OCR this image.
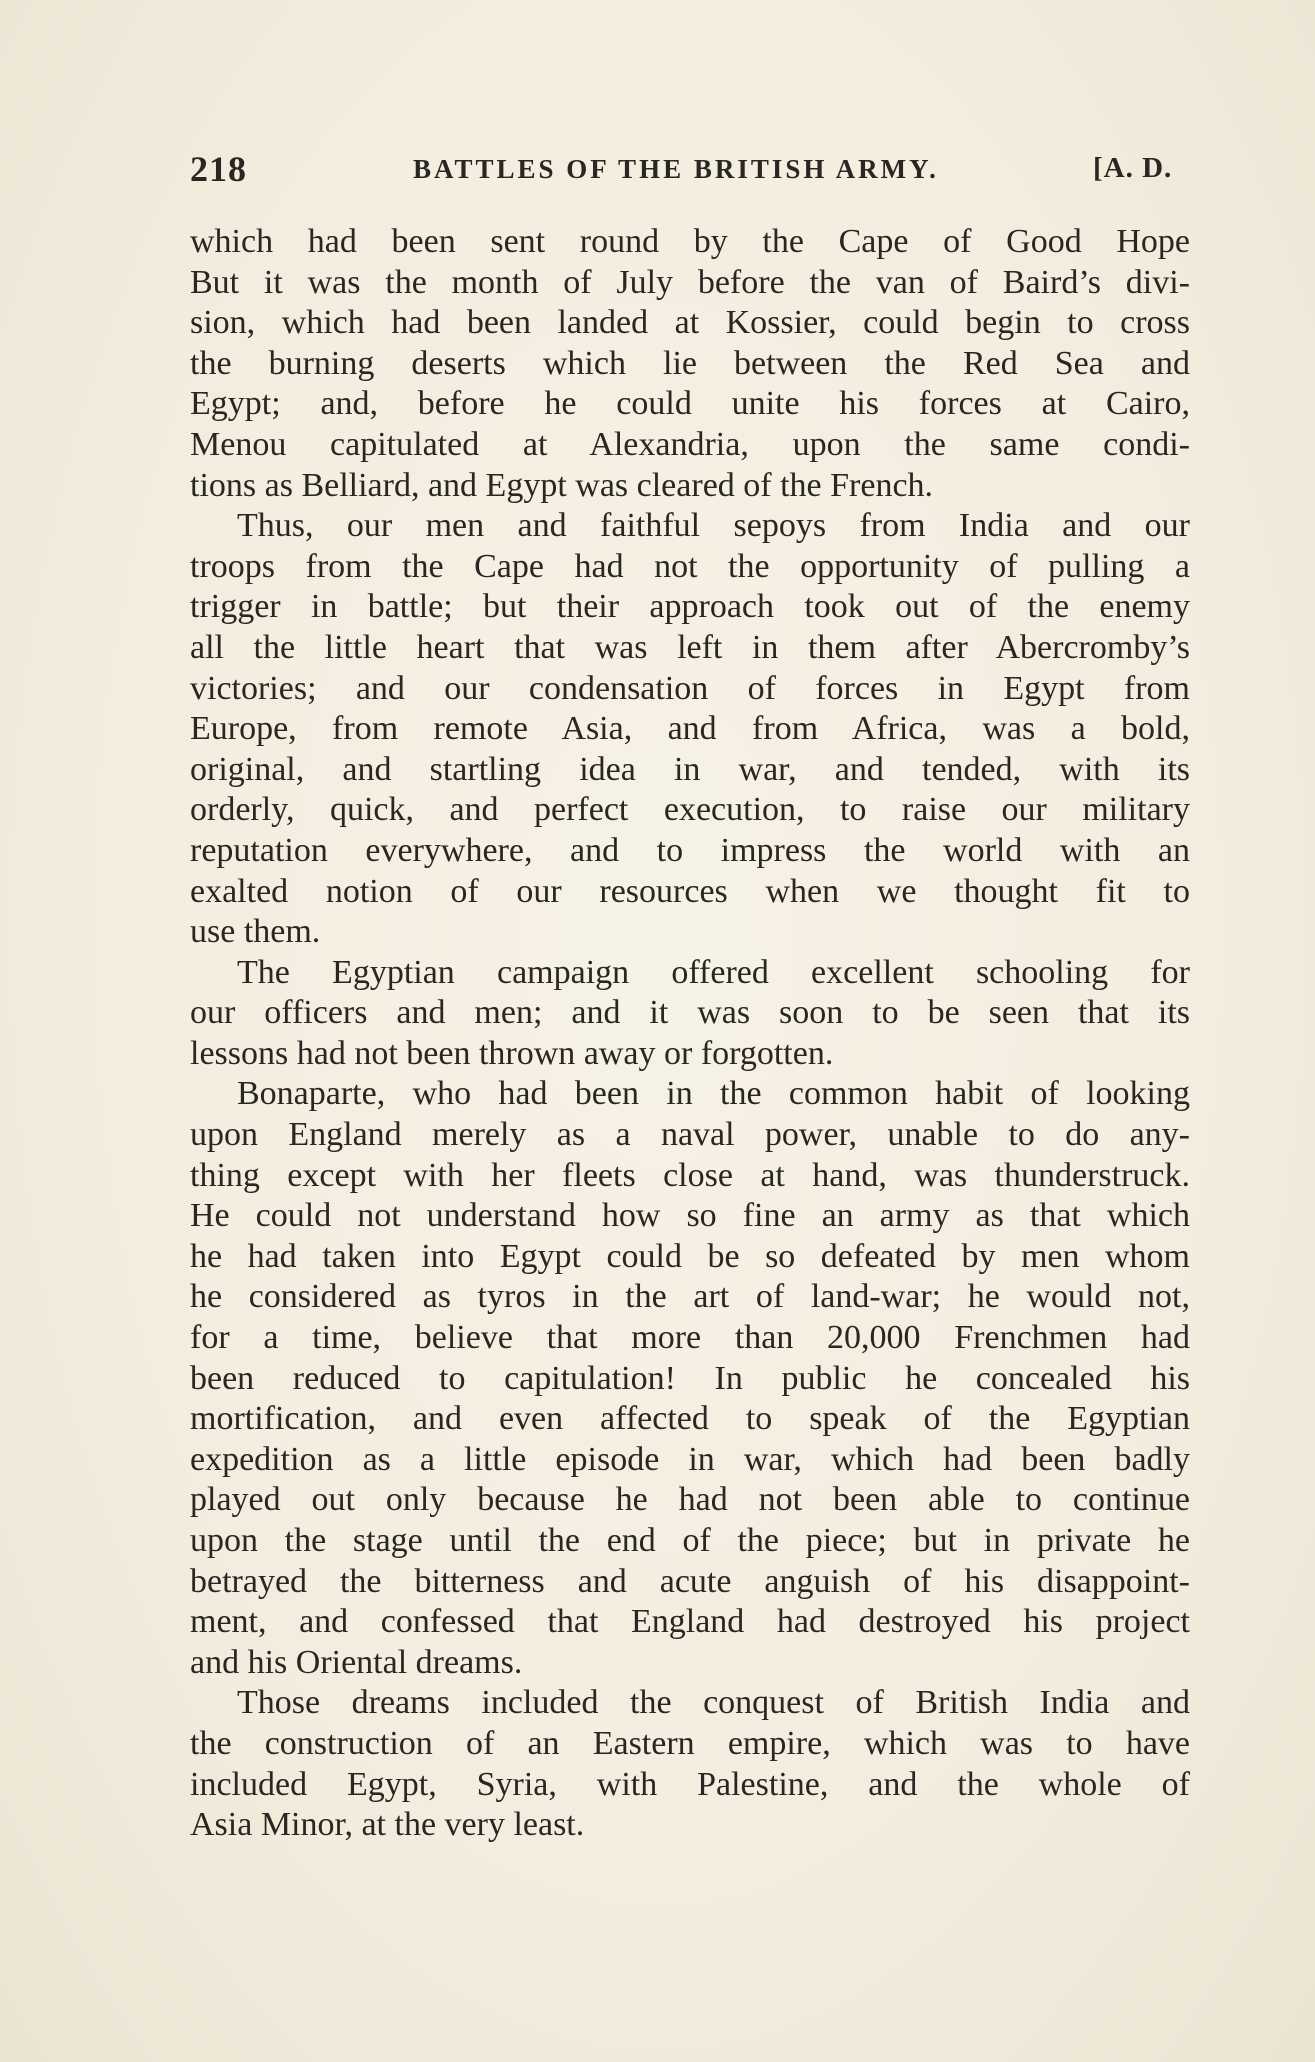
218	BATTLES OF THE BRITISH ARMY.	[A. D.
which had been sent round by the Cape of Good Hope
But it was the month of July before the van of Baird’s divi-
sion, which had been landed at Kossier, could begin to cross
the burning deserts which lie between the Red Sea and
Egypt; and, before he could unite his forces at Cairo,
Menou capitulated at Alexandria, upon the same condi-
tions as Belliard, and Egypt was cleared of the French.
Thus, our men and faithful sepoys from India and our
troops from the Cape had not the opportunity of pulling a
trigger in battle; but their approach took out of the enemy
all the little heart that was left in them after Abercromby’s
victories; and our condensation of forces in Egypt from
Europe, from remote Asia, and from Africa, was a bold,
original, and startling idea in war, and tended, with its
orderly, quick, and perfect execution, to raise our military
reputation everywhere, and to impress the world with an
exalted notion of our resources when we thought fit to
use them.
The Egyptian campaign offered excellent schooling for
our officers and men; and it was soon to be seen that its
lessons had not been thrown away or forgotten.
Bonaparte, who had been in the common habit of looking
upon England merely as a naval power, unable to do any-
thing except with her fleets close at hand, was thunderstruck.
He could not understand how so fine an army as that which
he had taken into Egypt could be so defeated by men whom
he considered as tyros in the art of land-war; he would not,
for a time, believe that more than 20,000 Frenchmen had
been reduced to capitulation! In public he concealed his
mortification, and even affected to speak of the Egyptian
expedition as a little episode in war, which had been badly
played out only because he had not been able to continue
upon the stage until the end of the piece; but in private he
betrayed the bitterness and acute anguish of his disappoint-
ment, and confessed that England had destroyed his project
and his Oriental dreams.
Those dreams included the conquest of British India and
the construction of an Eastern empire, which was to have
included Egypt, Syria, with Palestine, and the whole of
Asia Minor, at the very least.
